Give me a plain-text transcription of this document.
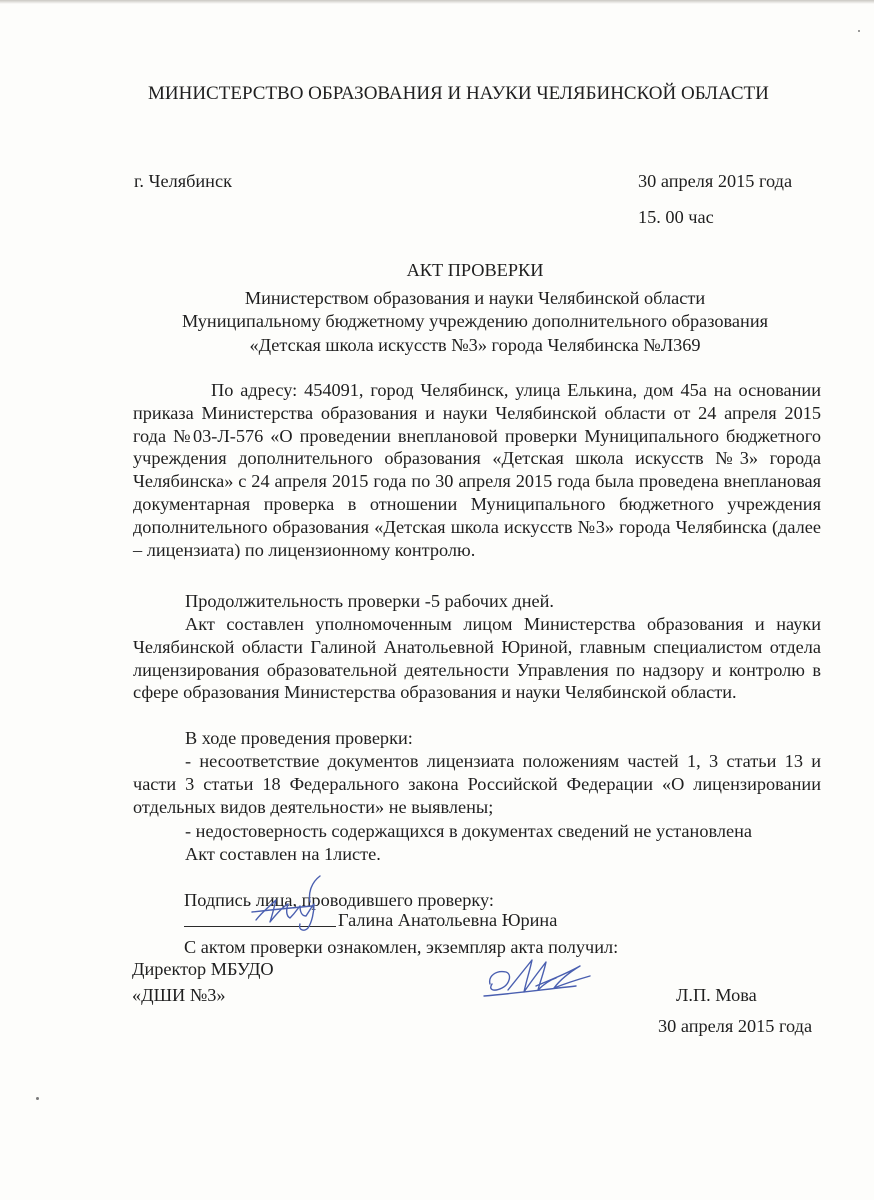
МИНИСТЕРСТВО ОБРАЗОВАНИЯ И НАУКИ ЧЕЛЯБИНСКОЙ ОБЛАСТИ
г. Челябинск	30 апреля 2015 года
15. 00 час
АКТ ПРОВЕРКИ
Министерством образования и науки Челябинской области
Муниципальному бюджетному учреждению дополнительного образования
«Детская школа искусств №3» города Челябинска №Л369

По адресу: 454091, город Челябинск, улица Елькина, дом 45а на основании приказа Министерства образования и науки Челябинской области от 24 апреля 2015 года №03-Л-576 «О проведении внеплановой проверки Муниципального бюджетного учреждения дополнительного образования «Детская школа искусств №3» города Челябинска» с 24 апреля 2015 года по 30 апреля 2015 года была проведена внеплановая документарная проверка в отношении Муниципального бюджетного учреждения дополнительного образования «Детская школа искусств №3» города Челябинска (далее – лицензиата) по лицензионному контролю.

Продолжительность проверки -5 рабочих дней.

Акт составлен уполномоченным лицом Министерства образования и науки Челябинской области Галиной Анатольевной Юриной, главным специалистом отдела лицензирования образовательной деятельности Управления по надзору и контролю в сфере образования Министерства образования и науки Челябинской области.

В ходе проведения проверки:

- несоответствие документов лицензиата положениям частей 1, 3 статьи 13 и части 3 статьи 18 Федерального закона Российской Федерации «О лицензировании отдельных видов деятельности» не выявлены;

- недостоверность содержащихся в документах сведений не установлена

Акт составлен на 1листе.

Подпись лица, проводившего проверку:
Галина Анатольевна Юрина
С актом проверки ознакомлен, экземпляр акта получил:
Директор МБУДО
«ДШИ №3»	Л.П. Мова
30 апреля 2015 года
